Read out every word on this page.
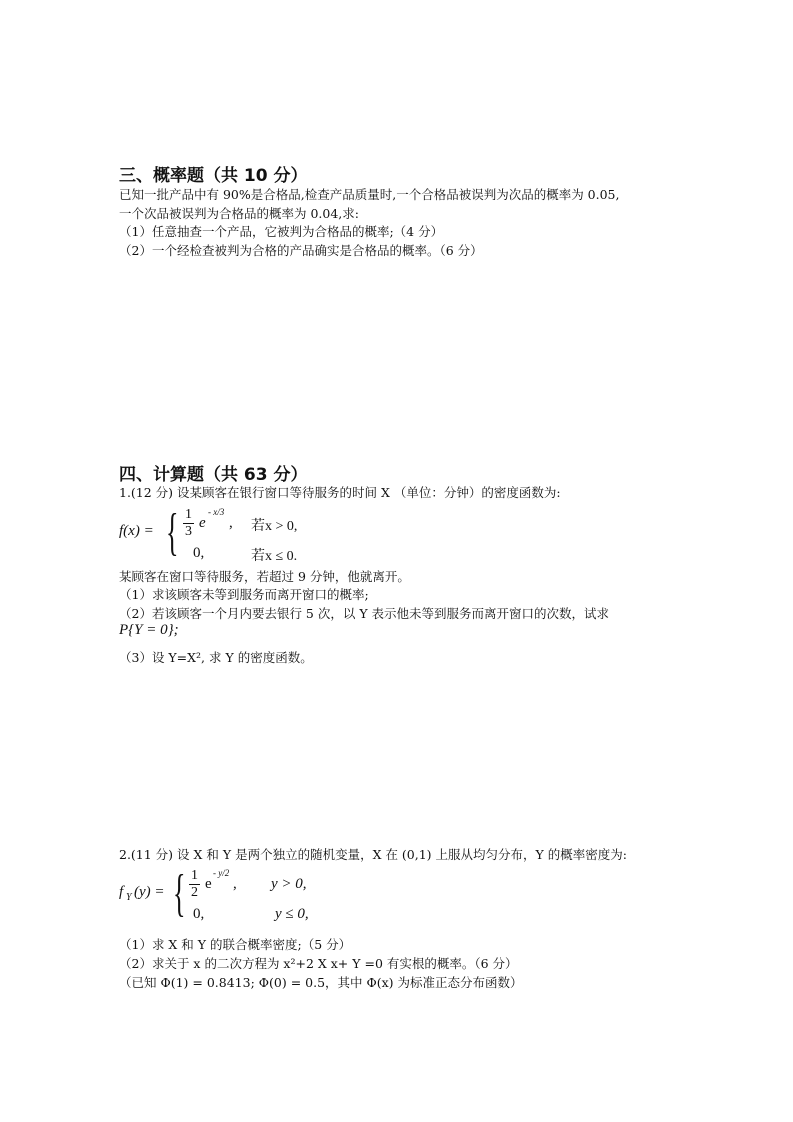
三、概率题（共 10 分）
已知一批产品中有 90%是合格品,检查产品质量时,一个合格品被误判为次品的概率为 0.05,
一个次品被误判为合格品的概率为 0.04,求:
（1）任意抽查一个产品，它被判为合格品的概率;（4 分）
（2）一个经检查被判为合格的产品确实是合格品的概率。（6 分）
四、计算题（共 63 分）
1.(12 分) 设某顾客在银行窗口等待服务的时间 X （单位：分钟）的密度函数为:
f(x) = { $\frac{1}{3}$ e
- x/3
, 若x > 0,
0,	若x ≤ 0.
某顾客在窗口等待服务，若超过 9 分钟，他就离开。
（1）求该顾客未等到服务而离开窗口的概率;
（2）若该顾客一个月内要去银行 5 次，以 Y 表示他未等到服务而离开窗口的次数，试求
P{Y = 0};
（3）设 Y=X², 求 Y 的密度函数。
2.(11 分) 设 X 和 Y 是两个独立的随机变量，X 在 (0,1) 上服从均匀分布，Y 的概率密度为:
f Y (y) = { $\frac{1}{2}$ e
- y/2
, y > 0,
0,	y ≤ 0,
（1）求 X 和 Y 的联合概率密度;（5 分）
（2）求关于 x 的二次方程为 x²+2 X x+ Y =0 有实根的概率。（6 分）
（已知 Φ(1) = 0.8413; Φ(0) = 0.5，其中 Φ(x) 为标准正态分布函数）
